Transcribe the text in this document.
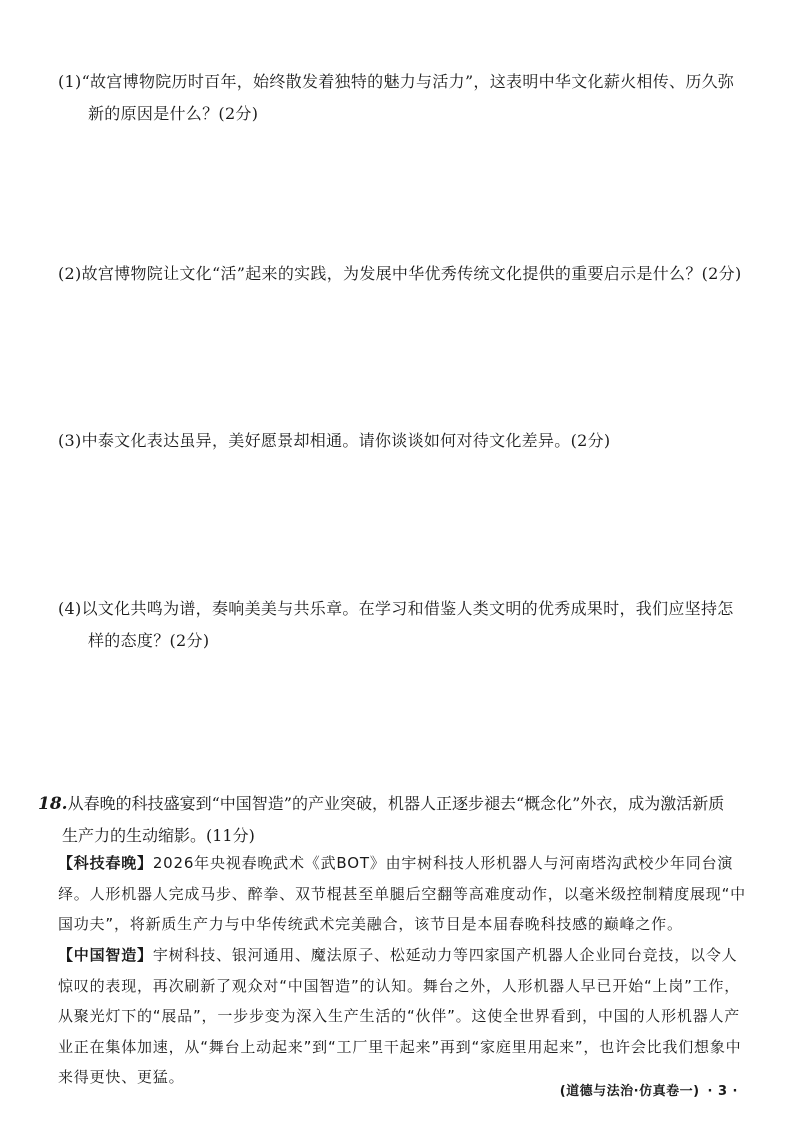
(1)“故宫博物院历时百年，始终散发着独特的魅力与活力”，这表明中华文化薪火相传、历久弥
新的原因是什么？(2分)
(2)故宫博物院让文化“活”起来的实践，为发展中华优秀传统文化提供的重要启示是什么？(2分)
(3)中泰文化表达虽异，美好愿景却相通。请你谈谈如何对待文化差异。(2分)
(4)以文化共鸣为谱，奏响美美与共乐章。在学习和借鉴人类文明的优秀成果时，我们应坚持怎
样的态度？(2分)
18.从春晚的科技盛宴到“中国智造”的产业突破，机器人正逐步褪去“概念化”外衣，成为激活新质
生产力的生动缩影。(11分)
【科技春晚】2026年央视春晚武术《武BOT》由宇树科技人形机器人与河南塔沟武校少年同台演绎。人形机器人完成马步、醉拳、双节棍甚至单腿后空翻等高难度动作，以毫米级控制精度展现“中国功夫”，将新质生产力与中华传统武术完美融合，该节目是本届春晚科技感的巅峰之作。
【中国智造】宇树科技、银河通用、魔法原子、松延动力等四家国产机器人企业同台竞技，以令人惊叹的表现，再次刷新了观众对“中国智造”的认知。舞台之外，人形机器人早已开始“上岗”工作，从聚光灯下的“展品”，一步步变为深入生产生活的“伙伴”。这使全世界看到，中国的人形机器人产业正在集体加速，从“舞台上动起来”到“工厂里干起来”再到“家庭里用起来”，也许会比我们想象中来得更快、更猛。
(道德与法治·仿真卷一) · 3 ·
